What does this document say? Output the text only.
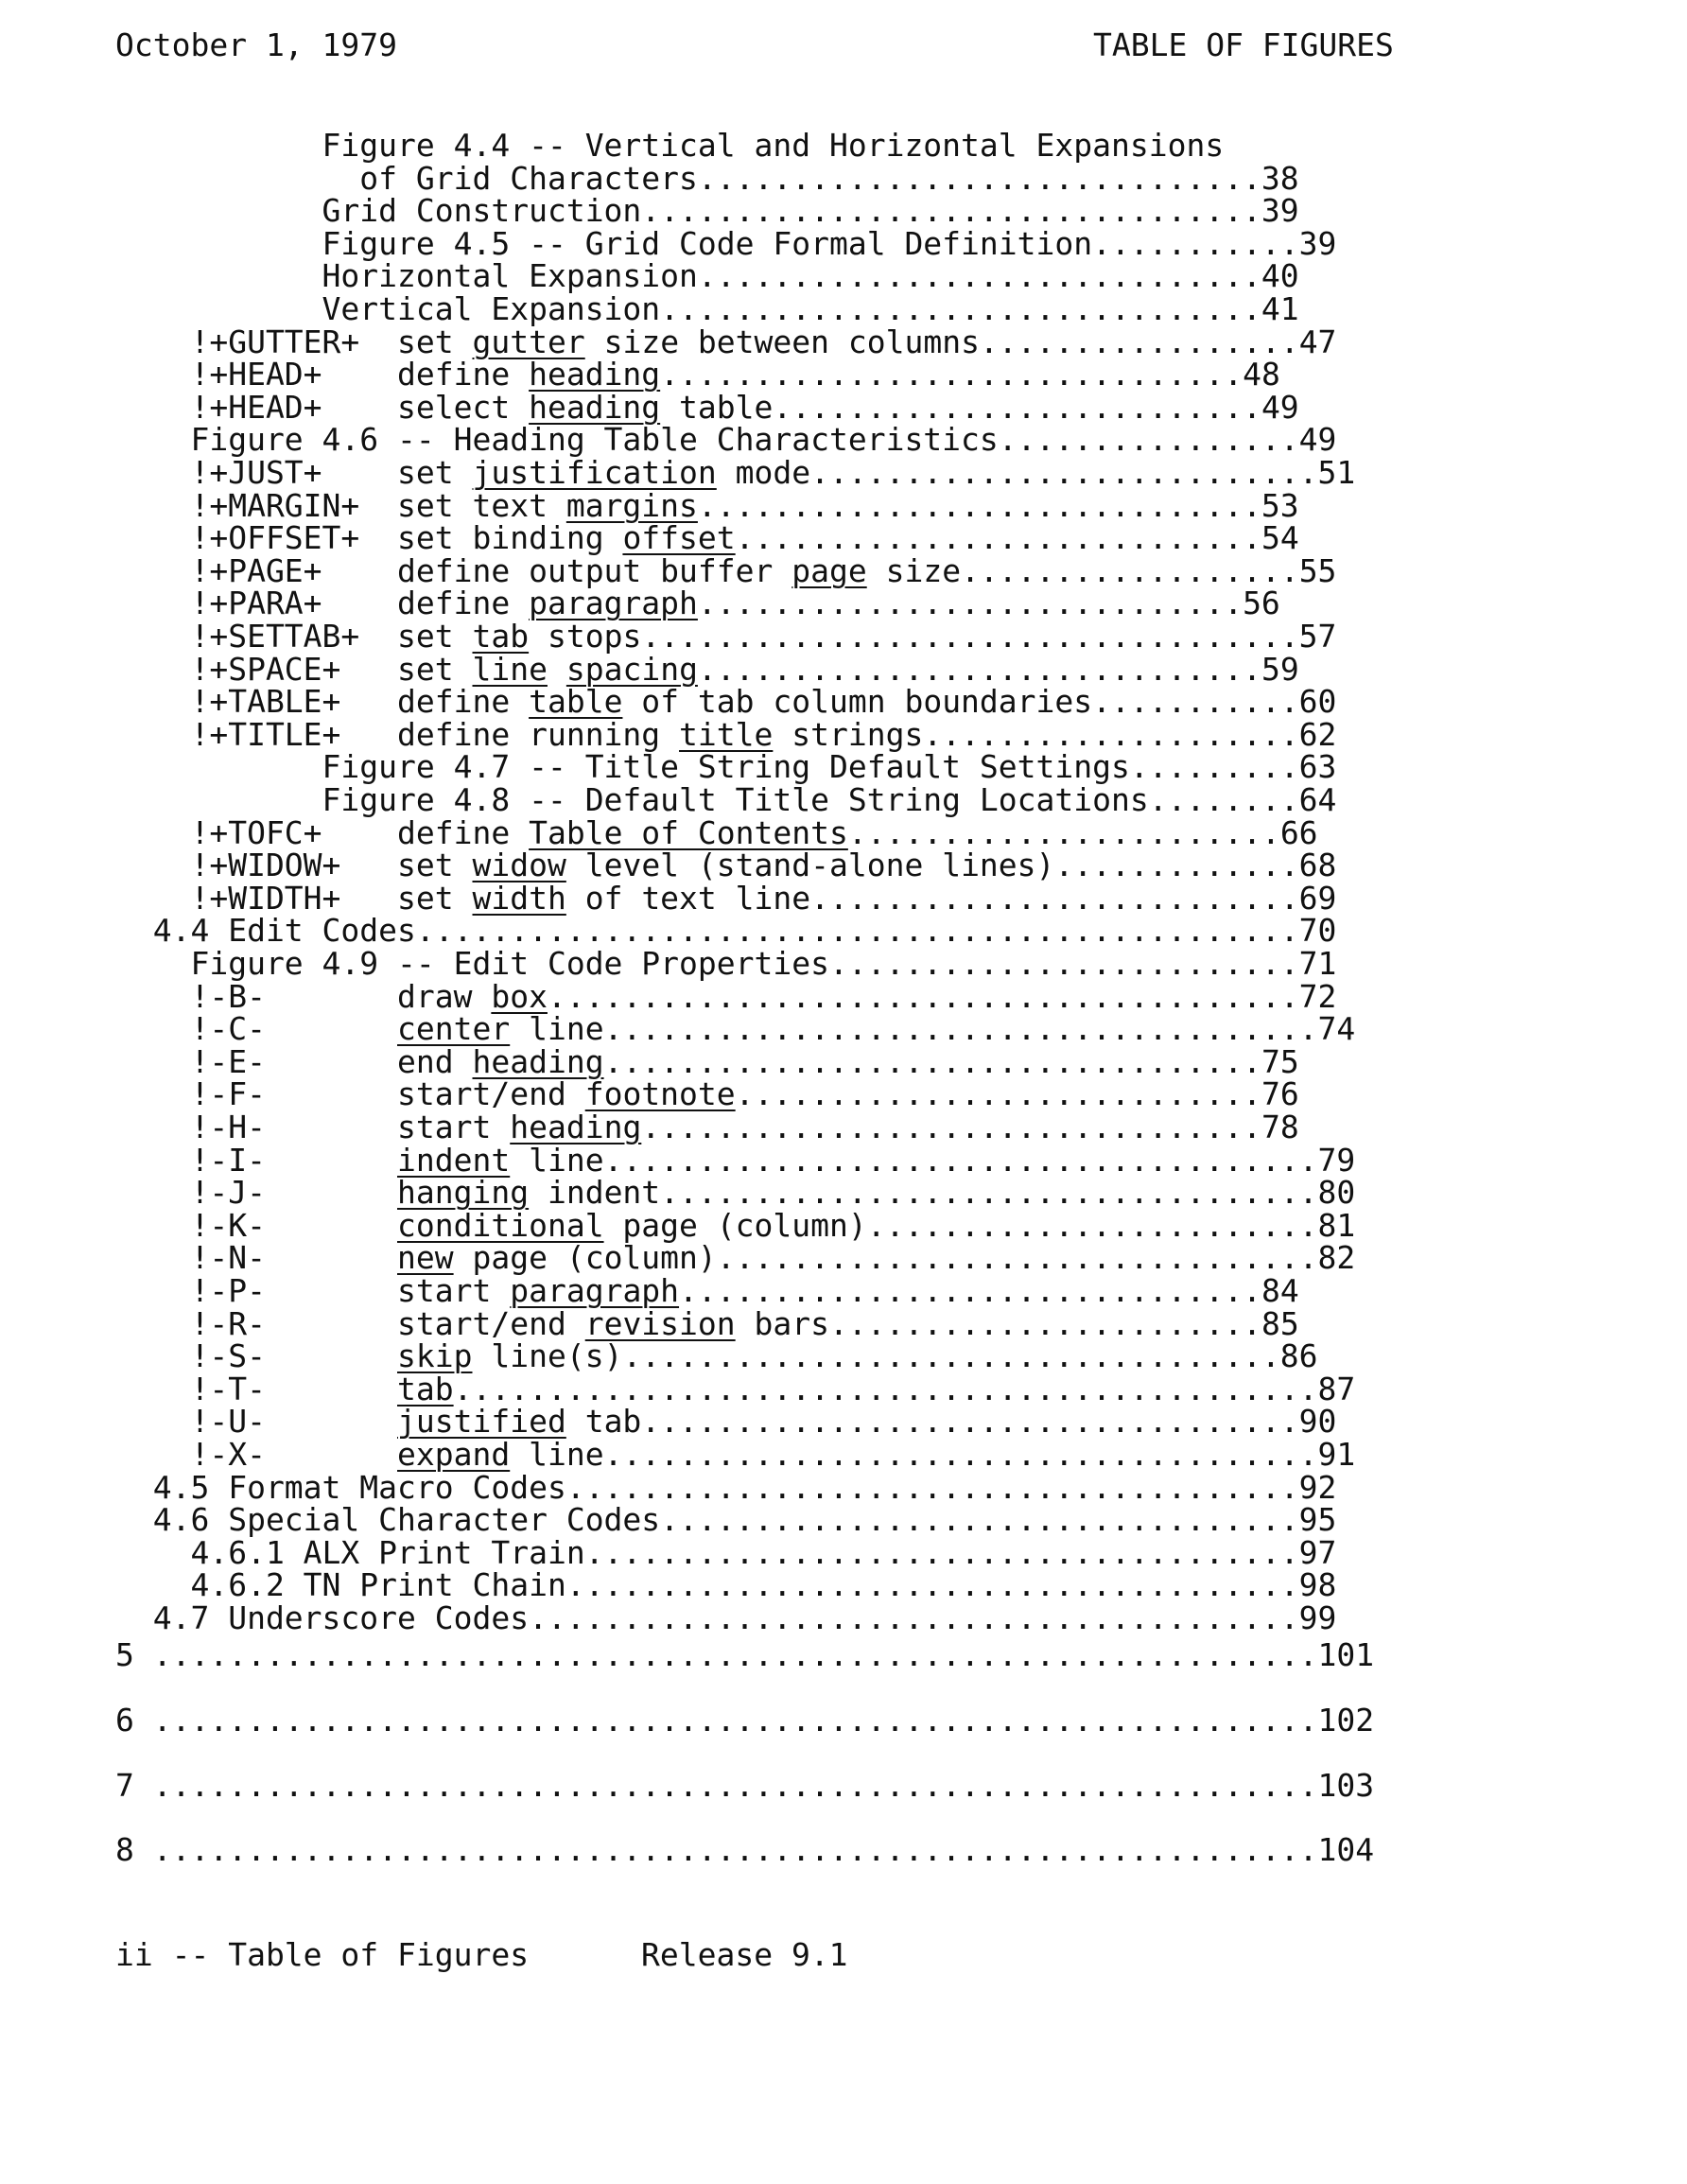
October 1, 1979	TABLE OF FIGURES
Figure 4.4 -- Vertical and Horizontal Expansions
of Grid Characters..............................38
Grid Construction.................................39
Figure 4.5 -- Grid Code Formal Definition...........39
Horizontal Expansion..............................40
Vertical Expansion................................41
!+GUTTER+  set gutter size between columns.................47
!+HEAD+    define heading...............................48
!+HEAD+    select heading table..........................49
Figure 4.6 -- Heading Table Characteristics................49
!+JUST+    set justification mode...........................51
!+MARGIN+  set text margins..............................53
!+OFFSET+  set binding offset............................54
!+PAGE+    define output buffer page size..................55
!+PARA+    define paragraph.............................56
!+SETTAB+  set tab stops...................................57
!+SPACE+   set line spacing..............................59
!+TABLE+   define table of tab column boundaries...........60
!+TITLE+   define running title strings....................62
Figure 4.7 -- Title String Default Settings.........63
Figure 4.8 -- Default Title String Locations........64
!+TOFC+    define Table of Contents.......................66
!+WIDOW+   set widow level (stand-alone lines).............68
!+WIDTH+   set width of text line..........................69
4.4 Edit Codes...............................................70
Figure 4.9 -- Edit Code Properties.........................71
!-B-       draw box........................................72
!-C-       center line......................................74
!-E-       end heading...................................75
!-F-       start/end footnote............................76
!-H-       start heading.................................78
!-I-       indent line......................................79
!-J-       hanging indent...................................80
!-K-       conditional page (column)........................81
!-N-       new page (column)................................82
!-P-       start paragraph...............................84
!-R-       start/end revision bars.......................85
!-S-       skip line(s)...................................86
!-T-       tab..............................................87
!-U-       justified tab...................................90
!-X-       expand line......................................91
4.5 Format Macro Codes.......................................92
4.6 Special Character Codes..................................95
4.6.1 ALX Print Train......................................97
4.6.2 TN Print Chain.......................................98
4.7 Underscore Codes.........................................99
5 ..............................................................101
6 ..............................................................102
7 ..............................................................103
8 ..............................................................104
ii -- Table of Figures	Release 9.1
